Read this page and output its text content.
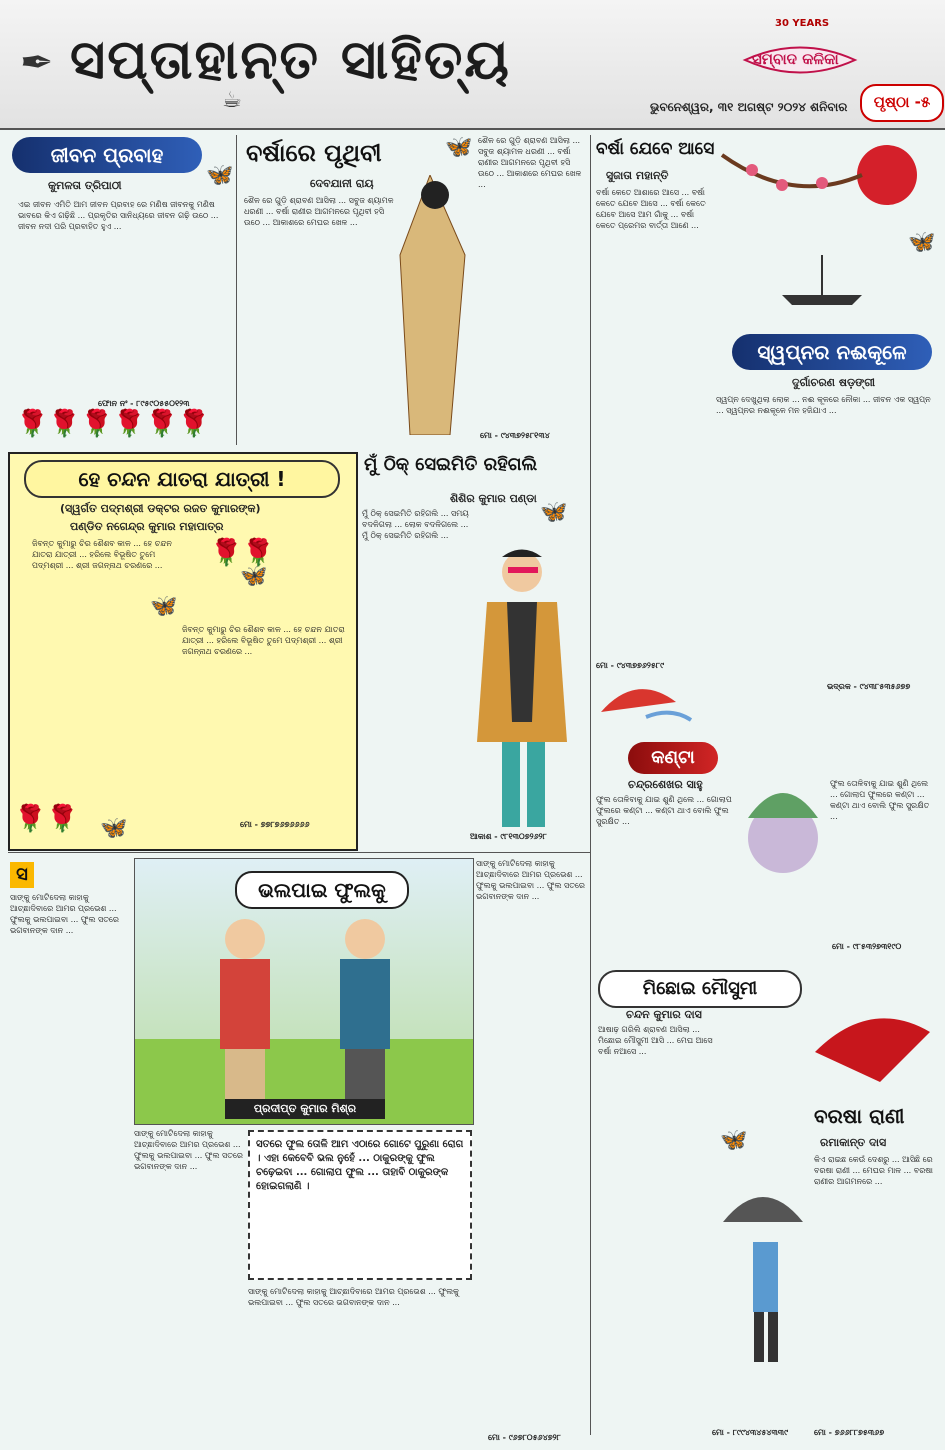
✒ ସପ୍ତାହାନ୍ତ ସାହିତ୍ୟ
☕	ଭୁବନେଶ୍ୱର, ୩୧ ଅଗଷ୍ଟ ୨୦୨୪ ଶନିବାର
30 YEARS
ସମ୍ବାଦ କଳିକା
ପୃଷ୍ଠା -୫
ଜୀବନ ପ୍ରବାହ
🦋
କୁମଳତା ତ୍ରିପାଠୀ
ଏଇ ଜୀବନ ଏମିତି ଆମ ଜୀବନ ପ୍ରବାହ ରେ ମଣିଷ ଜୀବନକୁ ମଣିଷ ଭାବରେ କିଏ ଗଢ଼ିଛି ... ପ୍ରକୃତିର ସାନିଧ୍ୟରେ ଜୀବନ ଗଢ଼ି ଉଠେ ... ଜୀବନ ନଦୀ ପରି ପ୍ରବାହିତ ହୁଏ ...
ଫୋନ ନଂ - ୮୯୫୯୦୫୫୦୧୨୩
🌹🌹🌹🌹🌹🌹
ବର୍ଷାରେ ପୃଥିବୀ	🦋
ଦେବଯାନୀ ରାୟ
ଶୈଳ ରେ ଗୁଡ଼ି ଶ୍ରାବଣ ଆସିଲା ... ସବୁଜ ଶ୍ୟାମଳ ଧରଣୀ ... ବର୍ଷା ରାଣୀର ଆଗମନରେ ପୃଥିବୀ ହସି ଉଠେ ... ଆକାଶରେ ମେଘର ଖେଳ ...
ଶୈଳ ରେ ଗୁଡ଼ି ଶ୍ରାବଣ ଆସିଲା ... ସବୁଜ ଶ୍ୟାମଳ ଧରଣୀ ... ବର୍ଷା ରାଣୀର ଆଗମନରେ ପୃଥିବୀ ହସି ଉଠେ ... ଆକାଶରେ ମେଘର ଖେଳ ...
ମୋ - ୯୪୩୭୨୫୮୧୩୪
ବର୍ଷା ଯେବେ ଆସେ
ସୁଜାତା ମହାନ୍ତି
ବର୍ଷା କେତେ ଆଶାରେ ଆସେ ... ବର୍ଷା କେତେ ଯେବେ ଆସେ ... ବର୍ଷା କେତେ ଯେବେ ଆସେ ଆମ ଗାଁକୁ ... ବର୍ଷା କେତେ ପ୍ରେମର ବାର୍ତ୍ତା ଆଣେ ...
ମୋ - ୯୪୩୭୭୬୨୫୮୯
ସ୍ୱପ୍ନର ନଈକୂଳେ
ଦୁର୍ଗାଚରଣ ଷଡ଼ଙ୍ଗୀ
ସ୍ୱପ୍ନ ଦେଖୁଥିଲା ଲୋକ ... ନଈ କୂଳରେ ନୌକା ... ଜୀବନ ଏକ ସ୍ୱପ୍ନ ... ସ୍ୱପ୍ନର ନଈକୂଳେ ମନ ହଜିଯାଏ ...
ଭଦ୍ରକ - ୯୪୩୮୫୩୫୬୭୭
ହେ ଚନ୍ଦନ ଯାତରା ଯାତ୍ରୀ !
(ସ୍ୱର୍ଗତ ପଦ୍ମଶ୍ରୀ ଡକ୍ଟର ରଜତ କୁମାରଙ୍କ)
ପଣ୍ଡିତ ନଗେନ୍ଦ୍ର କୁମାର ମହାପାତ୍ର
ଜିବନ୍ତ କୁମାରୁ ଚିର ଶୈଶବ କାଳ ... ହେ ଚନ୍ଦନ ଯାତରା ଯାତ୍ରୀ ... ହରିଲେ ବିଭୂଷିତ ତୁମେ ପଦ୍ମଶ୍ରୀ ... ଶ୍ରୀ ଜଗନ୍ନାଥ ଚରଣରେ ...	🌹🌹
🦋
🦋
ଜିବନ୍ତ କୁମାରୁ ଚିର ଶୈଶବ କାଳ ... ହେ ଚନ୍ଦନ ଯାତରା ଯାତ୍ରୀ ... ହରିଲେ ବିଭୂଷିତ ତୁମେ ପଦ୍ମଶ୍ରୀ ... ଶ୍ରୀ ଜଗନ୍ନାଥ ଚରଣରେ ...
ମୋ - ୭୭୮୭୬୭୬୬୬୬
🌹🌹 🦋
ମୁଁ ଠିକ୍ ସେଇମିତି ରହିଗଲି
ଶିଶିର କୁମାର ପଣ୍ଡା
ମୁଁ ଠିକ୍ ସେଇମିତି ରହିଗଲି ... ସମୟ ବଦଳିଗଲା ... ଲୋକ ବଦଳିଗଲେ ... ମୁଁ ଠିକ୍ ସେଇମିତି ରହିଗଲି ...
ଆକାଶ - ୯୮୧୩୦୭୨୬୨୮
କଣ୍ଟା
ଚନ୍ଦ୍ରଶେଖର ସାହୁ
ଫୁଲ ତୋଳିବାକୁ ଯାଇ ଶୁଣି ଥିଲେ ... ଗୋଲାପ ଫୁଲରେ କଣ୍ଟା ... କଣ୍ଟା ଥାଏ ବୋଲି ଫୁଲ ସୁରକ୍ଷିତ ...
ଫୁଲ ତୋଳିବାକୁ ଯାଇ ଶୁଣି ଥିଲେ ... ଗୋଲାପ ଫୁଲରେ କଣ୍ଟା ... କଣ୍ଟା ଥାଏ ବୋଲି ଫୁଲ ସୁରକ୍ଷିତ ...
ମୋ - ୯୮୫୩୨୭୩୧୯୦
ସ
ସାଙ୍କୁ ମୋଟିଦେଲା କାହାକୁ ଆଚ୍ଛାଦିବାରେ ଆମର ପ୍ରଭେଶ ... ଫୁଲକୁ ଭଲପାଇବା ... ଫୁଲ ସତରେ ଭଗବାନଙ୍କ ଦାନ ...
ଭଲପାଇ ଫୁଲକୁ
ପ୍ରଦୀପ୍ତ କୁମାର ମିଶ୍ର
ସାଙ୍କୁ ମୋଟିଦେଲା କାହାକୁ ଆଚ୍ଛାଦିବାରେ ଆମର ପ୍ରଭେଶ ... ଫୁଲକୁ ଭଲପାଇବା ... ଫୁଲ ସତରେ ଭଗବାନଙ୍କ ଦାନ ...
ସାଙ୍କୁ ମୋଟିଦେଲା କାହାକୁ ଆଚ୍ଛାଦିବାରେ ଆମର ପ୍ରଭେଶ ... ଫୁଲକୁ ଭଲପାଇବା ... ଫୁଲ ସତରେ ଭଗବାନଙ୍କ ଦାନ ...
ସତରେ ଫୁଲ ତୋଳି ଆମ ଏଠାରେ ଗୋଟେ ପୁରୁଣା ରୋଗ । ଏହା କେବେବି ଭଲ ନୁହେଁ ... ଠାକୁରଙ୍କୁ ଫୁଲ ଚଢ଼େଇବା ... ଗୋଲାପ ଫୁଲ ... ତାହାବି ଠାକୁରଙ୍କ ହୋଇଗଲାଣି ।
ସାଙ୍କୁ ମୋଟିଦେଲା କାହାକୁ ଆଚ୍ଛାଦିବାରେ ଆମର ପ୍ରଭେଶ ... ଫୁଲକୁ ଭଲପାଇବା ... ଫୁଲ ସତରେ ଭଗବାନଙ୍କ ଦାନ ...
ମୋ - ୯୬୭୮୦୫୬୪୭୨୮
ମିଛୋଇ ମୌସୁମୀ
ଚନ୍ଦନ କୁମାର ଦାସ
ଆଷାଢ଼ ଗରିଲି ଶ୍ରାବଣ ଆସିଲା ... ମିଛୋଇ ମୌସୁମୀ ଆସି ... ମେଘ ଆସେ ବର୍ଷା ନଆସେ ...
ମୋ - ୮୯୯୪୩୪୫୪୩୩୯
ବରଷା ରାଣୀ
ରମାକାନ୍ତ ଦାସ
କିଏ ରାଇଛ କେଉଁ ଦେଶରୁ ... ଆସିଛି ରେ ବରଷା ରାଣୀ ... ମେଘର ମାଳ ... ବରଷା ରାଣୀର ଆଗମନରେ ...
ମୋ - ୭୬୬୮୮୭୫୩୬୭
🦋
🦋
🦋
